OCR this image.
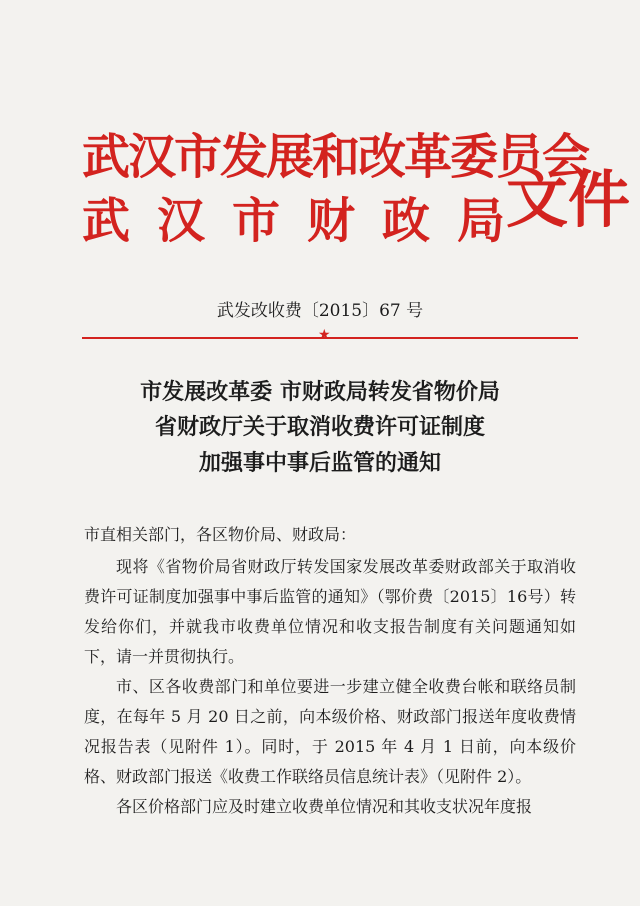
武汉市发展和改革委员会
武汉市财政局
文件
武发改收费〔2015〕67 号
★
市发展改革委 市财政局转发省物价局
省财政厅关于取消收费许可证制度
加强事中事后监管的通知
市直相关部门，各区物价局、财政局：

现将《省物价局省财政厅转发国家发展改革委财政部关于取消收费许可证制度加强事中事后监管的通知》（鄂价费〔2015〕16号）转发给你们，并就我市收费单位情况和收支报告制度有关问题通知如下，请一并贯彻执行。

市、区各收费部门和单位要进一步建立健全收费台帐和联络员制度，在每年 5 月 20 日之前，向本级价格、财政部门报送年度收费情况报告表（见附件 1）。同时，于 2015 年 4 月 1 日前，向本级价格、财政部门报送《收费工作联络员信息统计表》（见附件 2）。

各区价格部门应及时建立收费单位情况和其收支状况年度报
